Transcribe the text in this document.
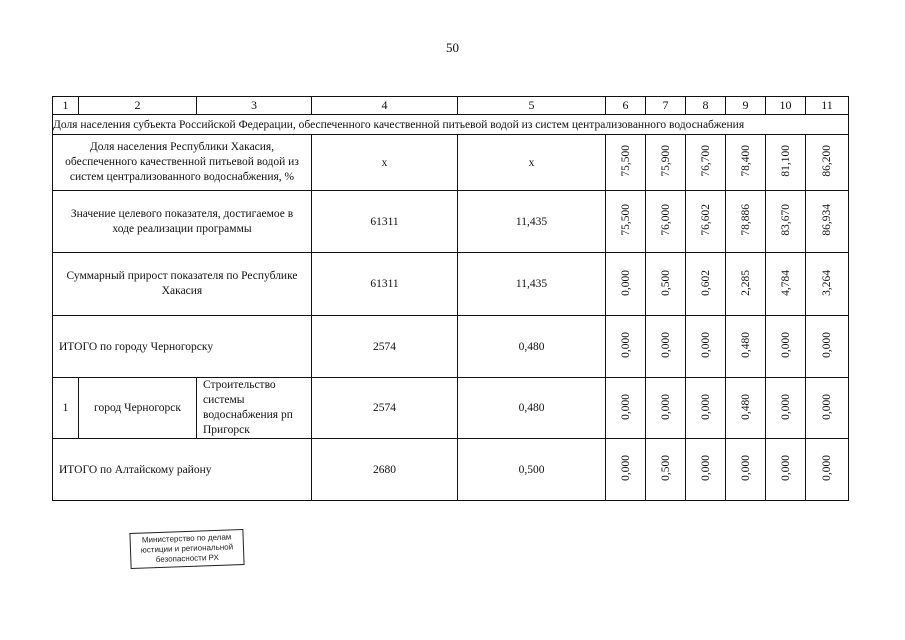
50
1	2	3	4	5	6	7	8	9	10	11
Доля населения субъекта Российской Федерации, обеспеченного качественной питьевой водой из систем централизованного водоснабжения										
Доля населения Республики Хакасия, обеспеченного качественной питьевой водой из систем централизованного водоснабжения, %			х	х	75,500	75,900	76,700	78,400	81,100	86,200
Значение целевого показателя, достигаемое в ходе реализации программы			61311	11,435	75,500	76,000	76,602	78,886	83,670	86,934
Суммарный прирост показателя по Республике Хакасия			61311	11,435	0,000	0,500	0,602	2,285	4,784	3,264
ИТОГО по городу Черногорску			2574	0,480	0,000	0,000	0,000	0,480	0,000	0,000
1	город Черногорск	Строительство системы водоснабжения рп Пригорск	2574	0,480	0,000	0,000	0,000	0,480	0,000	0,000
ИТОГО по Алтайскому району			2680	0,500	0,000	0,500	0,000	0,000	0,000	0,000
Министерство по делам
юстиции и региональной
безопасности РХ
